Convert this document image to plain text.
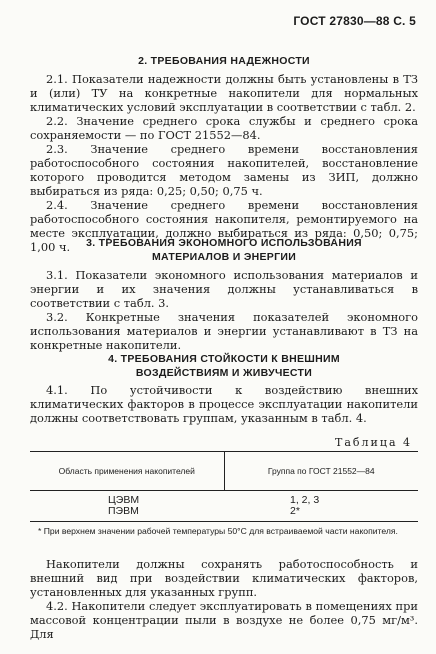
ГОСТ 27830—88 С. 5
2. ТРЕБОВАНИЯ НАДЕЖНОСТИ

2.1. Показатели надежности должны быть установлены в ТЗ и (или) ТУ на конкретные накопители для нормальных климатических условий эксплуатации в соответствии с табл. 2.

2.2. Значение среднего срока службы и среднего срока сохраняемости — по ГОСТ 21552—84.

2.3. Значение среднего времени восстановления работоспособного состояния накопителей, восстановление которого проводится методом замены из ЗИП, должно выбираться из ряда: 0,25; 0,50; 0,75 ч.

2.4. Значение среднего времени восстановления работоспособного состояния накопителя, ремонтируемого на месте эксплуатации, должно выбираться из ряда: 0,50; 0,75; 1,00 ч.	3. ТРЕБОВАНИЯ ЭКОНОМНОГО ИСПОЛЬЗОВАНИЯ
МАТЕРИАЛОВ И ЭНЕРГИИ

3.1. Показатели экономного использования материалов и энергии и их значения должны устанавливаться в соответствии с табл. 3.

3.2. Конкретные значения показателей экономного использования материалов и энергии устанавливают в ТЗ на конкретные накопители.

4. ТРЕБОВАНИЯ СТОЙКОСТИ К ВНЕШНИМ
ВОЗДЕЙСТВИЯМ И ЖИВУЧЕСТИ

4.1. По устойчивости к воздействию внешних климатических факторов в процессе эксплуатации накопители должны соответствовать группам, указанным в табл. 4.

Таблица 4
Область применения накопителей	Группа по ГОСТ 21552—84
ЦЭВМ
ПЭВМ
1, 2, 3
2*
* При верхнем значении рабочей температуры 50°С для встраиваемой части накопителя.

Накопители должны сохранять работоспособность и внешний вид при воздействии климатических факторов, установленных для указанных групп.

4.2. Накопители следует эксплуатировать в помещениях при массовой концентрации пыли в воздухе не более 0,75 мг/м³. Для
